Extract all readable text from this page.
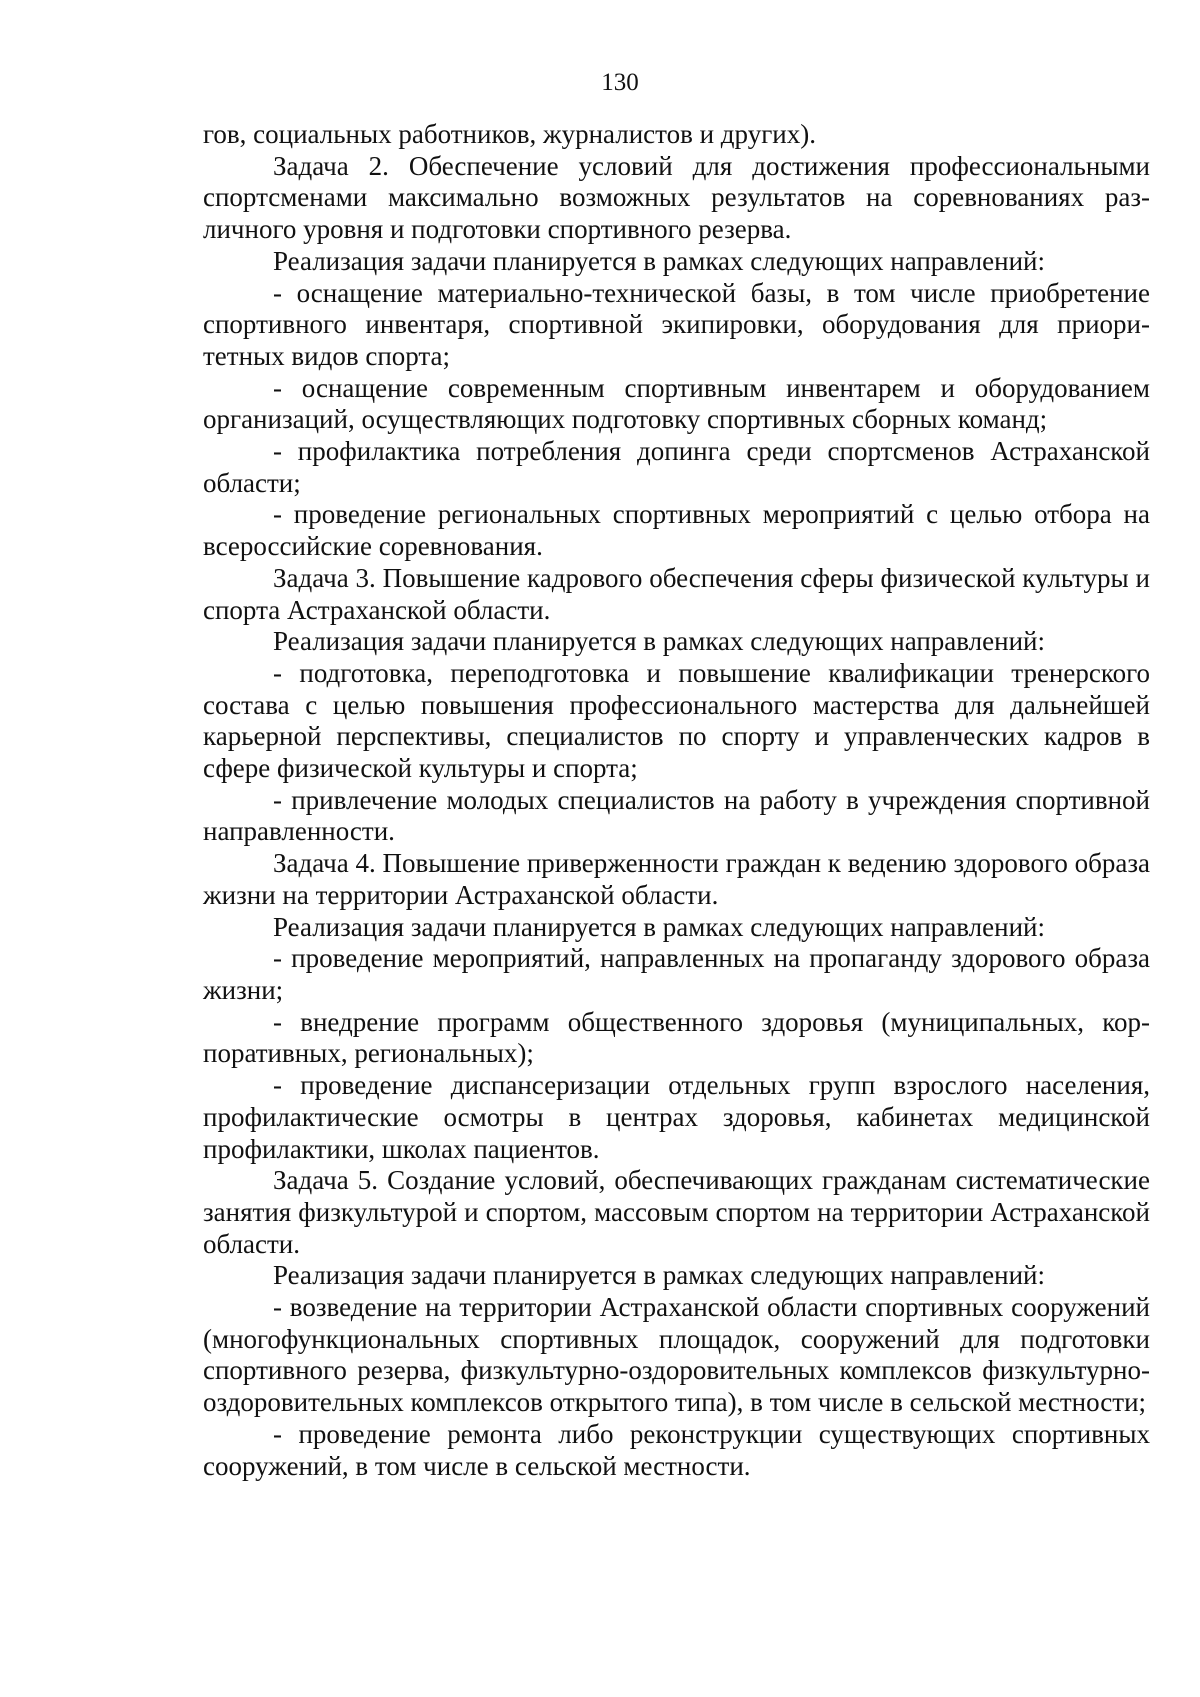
130

гов, социальных работников, журналистов и других).

Задача 2. Обеспечение условий для достижения профессиональными спортсменами максимально возможных результатов на соревнованиях различного уровня и подготовки спортивного резерва.

Реализация задачи планируется в рамках следующих направлений:

- оснащение материально-технической базы, в том числе приобретение спортивного инвентаря, спортивной экипировки, оборудования для приоритетных видов спорта;

- оснащение современным спортивным инвентарем и оборудованием организаций, осуществляющих подготовку спортивных сборных команд;

- профилактика потребления допинга среди спортсменов Астраханской области;

- проведение региональных спортивных мероприятий с целью отбора на всероссийские соревнования.

Задача 3. Повышение кадрового обеспечения сферы физической культуры и спорта Астраханской области.

Реализация задачи планируется в рамках следующих направлений:

- подготовка, переподготовка и повышение квалификации тренерского состава с целью повышения профессионального мастерства для дальнейшей карьерной перспективы, специалистов по спорту и управленческих кадров в сфере физической культуры и спорта;

- привлечение молодых специалистов на работу в учреждения спортивной направленности.

Задача 4. Повышение приверженности граждан к ведению здорового образа жизни на территории Астраханской области.

Реализация задачи планируется в рамках следующих направлений:

- проведение мероприятий, направленных на пропаганду здорового образа жизни;

- внедрение программ общественного здоровья (муниципальных, корпоративных, региональных);

- проведение диспансеризации отдельных групп взрослого населения, профилактические осмотры в центрах здоровья, кабинетах медицинской профилактики, школах пациентов.

Задача 5. Создание условий, обеспечивающих гражданам систематические занятия физкультурой и спортом, массовым спортом на территории Астраханской области.

Реализация задачи планируется в рамках следующих направлений:

- возведение на территории Астраханской области спортивных сооружений (многофункциональных спортивных площадок, сооружений для подготовки спортивного резерва, физкультурно-оздоровительных комплексов физкультурно-оздоровительных комплексов открытого типа), в том числе в сельской местности;

- проведение ремонта либо реконструкции существующих спортивных сооружений, в том числе в сельской местности.
